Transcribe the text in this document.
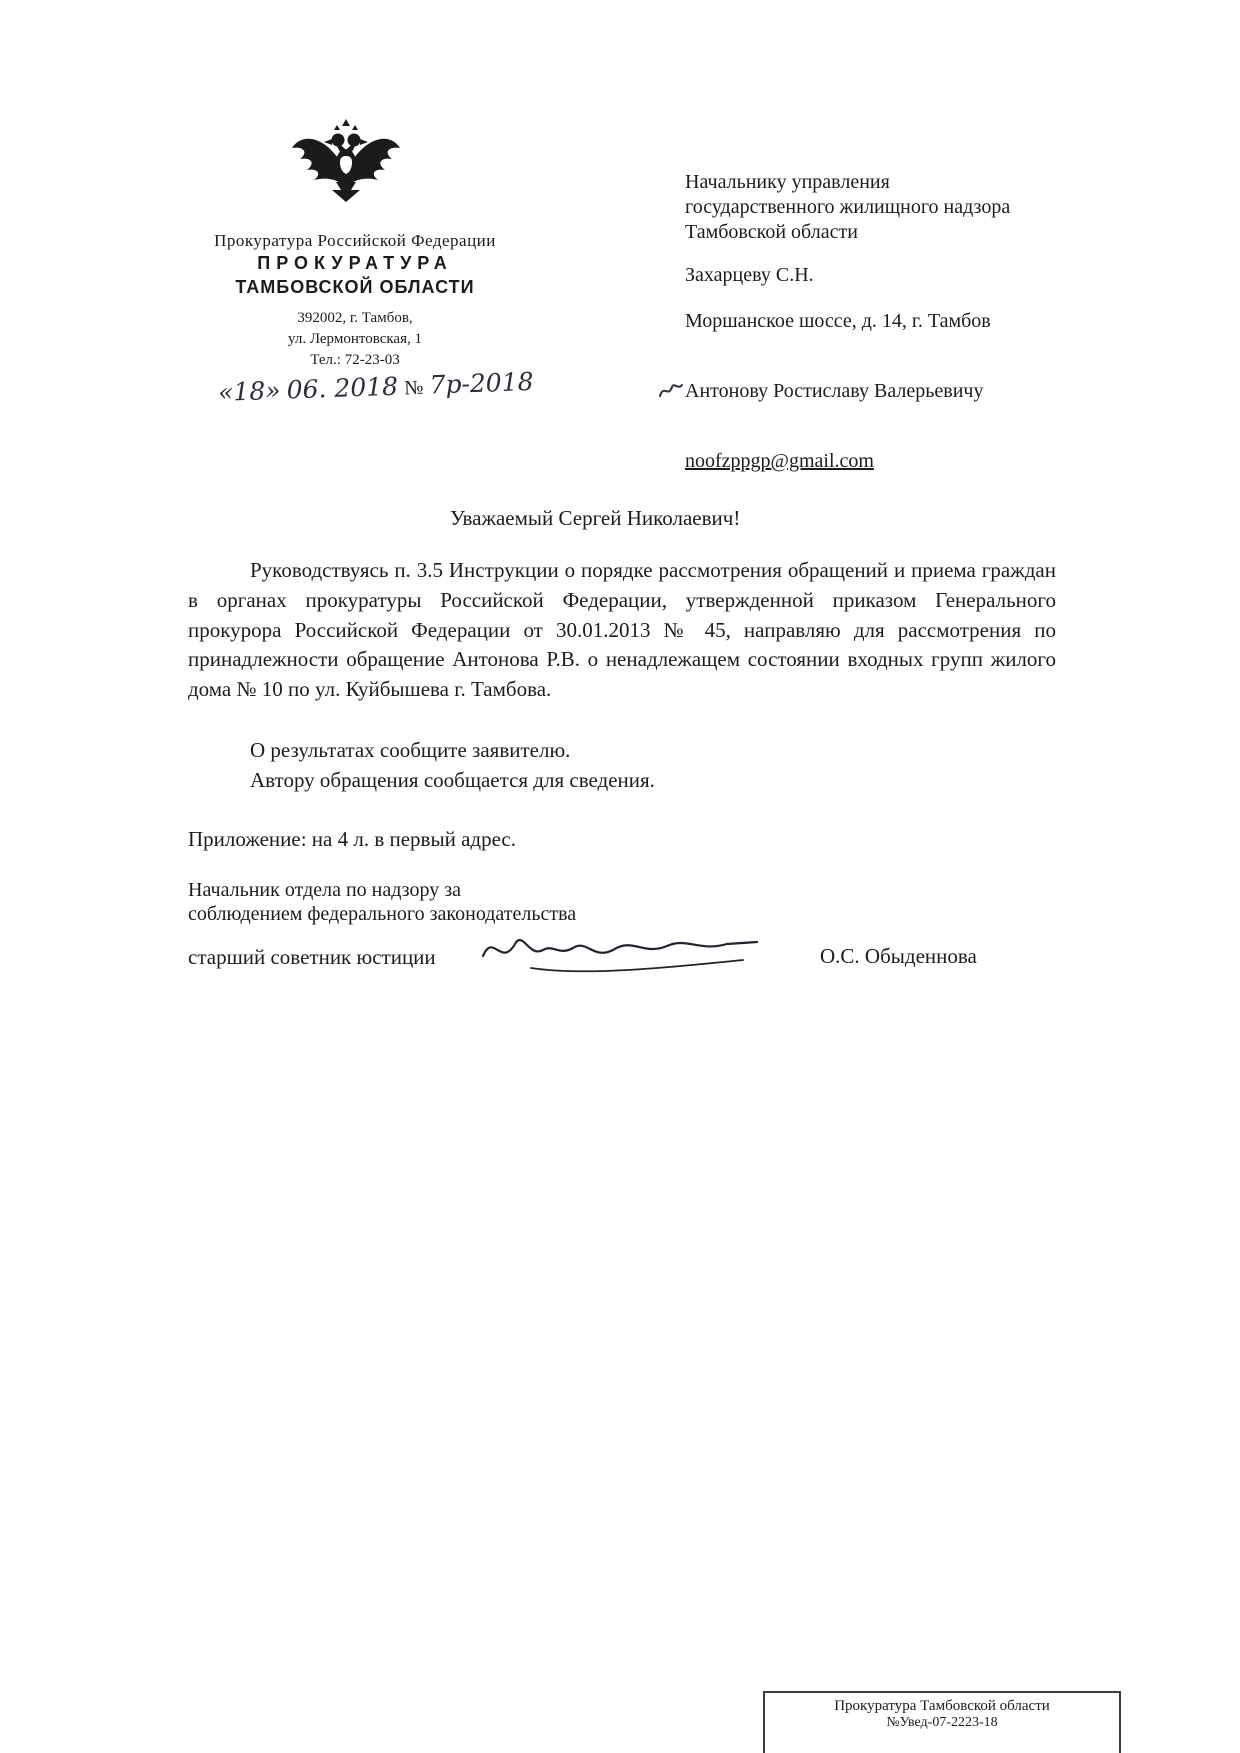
Прокуратура Российской Федерации
ПРОКУРАТУРА
ТАМБОВСКОЙ ОБЛАСТИ
392002, г. Тамбов,
ул. Лермонтовская, 1
Тел.: 72-23-03
«18» 06. 2018 № 7р-2018
Начальнику управления государственного жилищного надзора Тамбовской области
Захарцеву С.Н.
Моршанское шоссе, д. 14, г. Тамбов
Антонову Ростиславу Валерьевичу
noofzppgp@gmail.com
Уважаемый Сергей Николаевич!
Руководствуясь п. 3.5 Инструкции о порядке рассмотрения обращений и приема граждан в органах прокуратуры Российской Федерации, утвержденной приказом Генерального прокурора Российской Федерации от 30.01.2013 № 45, направляю для рассмотрения по принадлежности обращение Антонова Р.В. о ненадлежащем состоянии входных групп жилого дома № 10 по ул. Куйбышева г. Тамбова.
О результатах сообщите заявителю.
Автору обращения сообщается для сведения.
Приложение: на 4 л. в первый адрес.
Начальник отдела по надзору за
соблюдением федерального законодательства
старший советник юстиции	О.С. Обыденнова
Прокуратура Тамбовской области
№Увед-07-2223-18
